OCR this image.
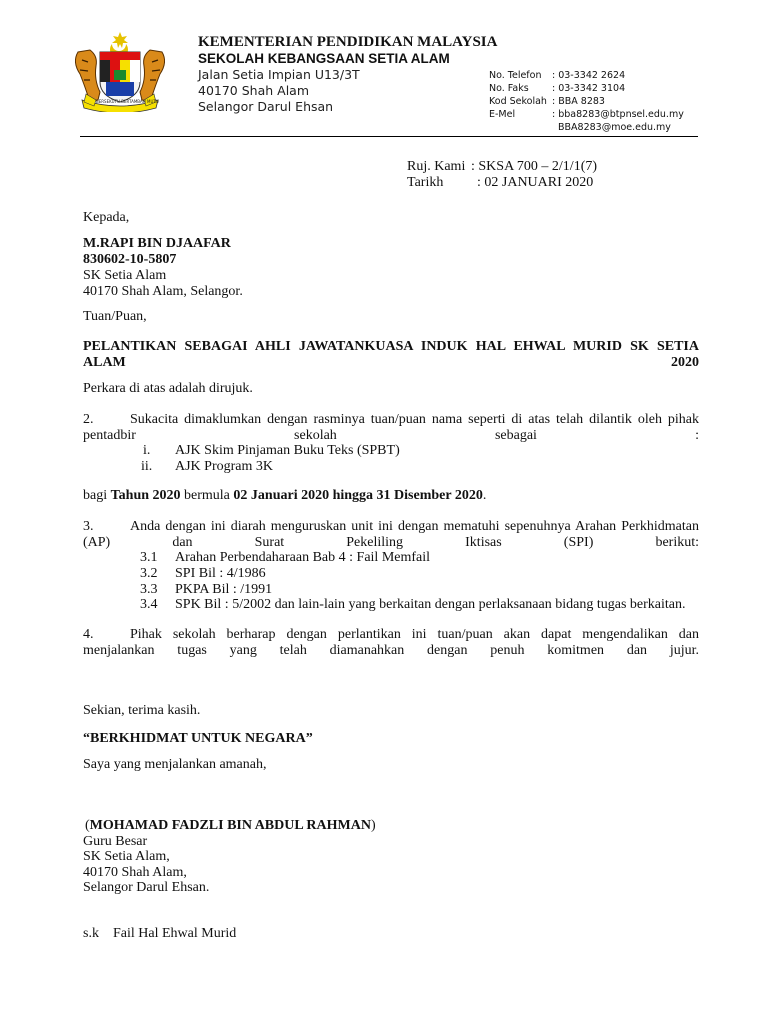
BERSEKUTU BERTAMBAH MUTU
KEMENTERIAN PENDIDIKAN MALAYSIA
SEKOLAH KEBANGSAAN SETIA ALAM
Jalan Setia Impian U13/3T
40170 Shah Alam
Selangor Darul Ehsan
No. Telefon : 03-3342 2624
No. Faks : 03-3342 3104
Kod Sekolah : BBA 8283
E-Mel	: bba8283@btpnsel.edu.my
BBA8283@moe.edu.my
Ruj. Kami : SKSA 700 – 2/1/1(7)
Tarikh : 02 JANUARI 2020
Kepada,
M.RAPI BIN DJAAFAR
830602-10-5807
SK Setia Alam
40170 Shah Alam, Selangor.
Tuan/Puan,
PELANTIKAN SEBAGAI AHLI JAWATANKUASA INDUK HAL EHWAL MURID SK SETIA ALAM 2020
Perkara di atas adalah dirujuk.
2.	Sukacita dimaklumkan dengan rasminya tuan/puan nama seperti di atas telah dilantik oleh pihak pentadbir sekolah sebagai :
i. AJK Skim Pinjaman Buku Teks (SPBT)
ii. AJK Program 3K
bagi Tahun 2020 bermula 02 Januari 2020 hingga 31 Disember 2020.
3.	Anda dengan ini diarah menguruskan unit ini dengan mematuhi sepenuhnya Arahan Perkhidmatan (AP) dan Surat Pekeliling Iktisas (SPI) berikut:
3.1 Arahan Perbendaharaan Bab 4 : Fail Memfail
3.2 SPI Bil : 4/1986
3.3 PKPA Bil : /1991
3.4 SPK Bil : 5/2002 dan lain-lain yang berkaitan dengan perlaksanaan bidang tugas berkaitan.
4.	Pihak sekolah berharap dengan perlantikan ini tuan/puan akan dapat mengendalikan dan menjalankan tugas yang telah diamanahkan dengan penuh komitmen dan jujur.
Sekian, terima kasih.
“BERKHIDMAT UNTUK NEGARA”
Saya yang menjalankan amanah,
(MOHAMAD FADZLI BIN ABDUL RAHMAN)
Guru Besar
SK Setia Alam,
40170 Shah Alam,
Selangor Darul Ehsan.
s.k Fail Hal Ehwal Murid
